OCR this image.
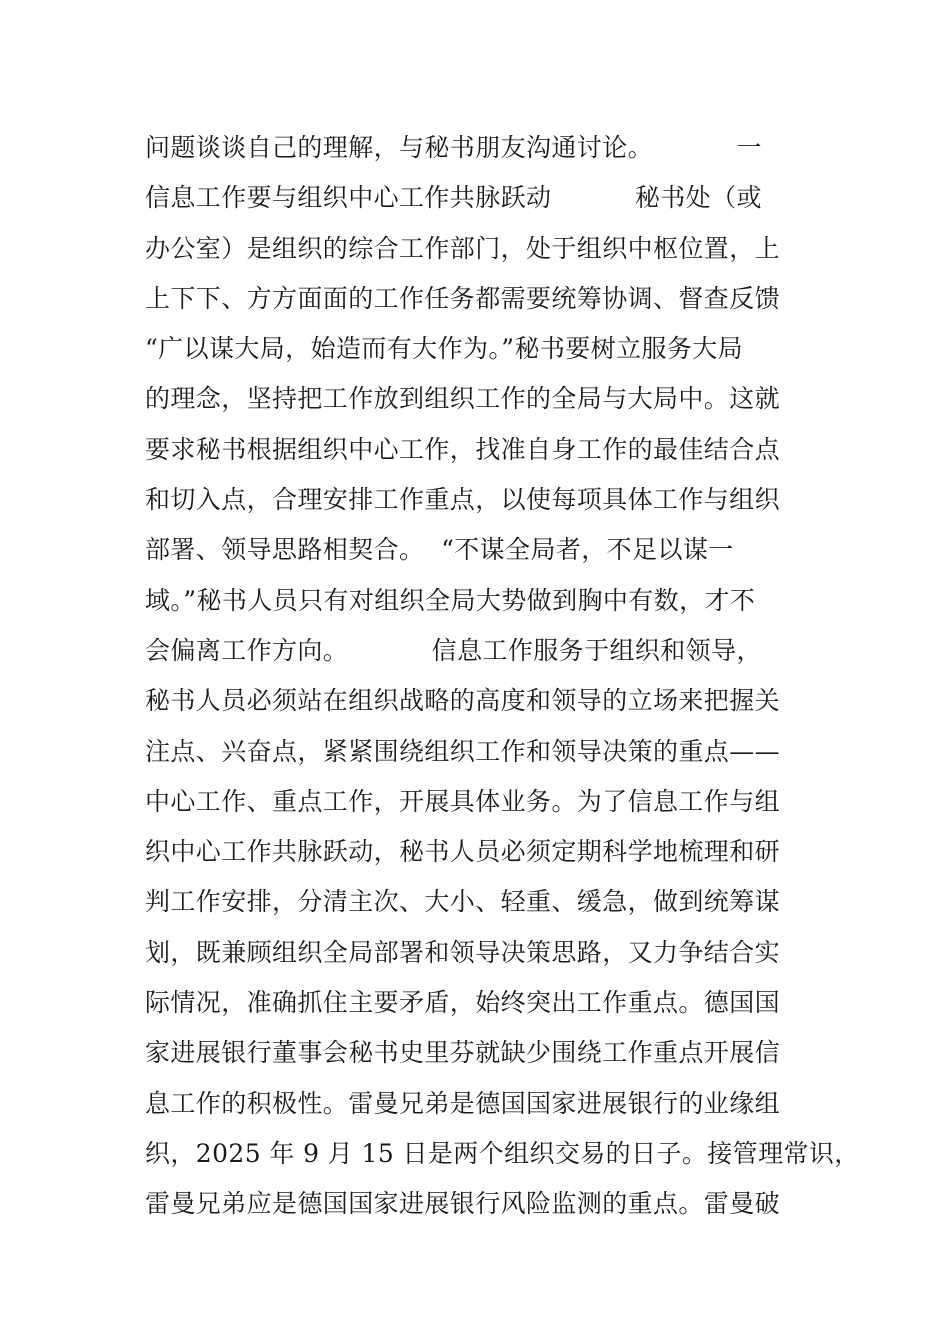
问题谈谈自己的理解，与秘书朋友沟通讨论。          一
信息工作要与组织中心工作共脉跃动          秘书处（或
办公室）是组织的综合工作部门，处于组织中枢位置，上
上下下、方方面面的工作任务都需要统筹协调、督查反馈
“广以谋大局，始造而有大作为。”秘书要树立服务大局
的理念，坚持把工作放到组织工作的全局与大局中。这就
要求秘书根据组织中心工作，找准自身工作的最佳结合点
和切入点，合理安排工作重点，以使每项具体工作与组织
部署、领导思路相契合。  “不谋全局者，不足以谋一
域。”秘书人员只有对组织全局大势做到胸中有数，才不
会偏离工作方向。          信息工作服务于组织和领导，
秘书人员必须站在组织战略的高度和领导的立场来把握关
注点、兴奋点，紧紧围绕组织工作和领导决策的重点——
中心工作、重点工作，开展具体业务。为了信息工作与组
织中心工作共脉跃动，秘书人员必须定期科学地梳理和研
判工作安排，分清主次、大小、轻重、缓急，做到统筹谋
划，既兼顾组织全局部署和领导决策思路，又力争结合实
际情况，准确抓住主要矛盾，始终突出工作重点。德国国
家进展银行董事会秘书史里芬就缺少围绕工作重点开展信
息工作的积极性。雷曼兄弟是德国国家进展银行的业缘组
织，2025 年 9 月 15 日是两个组织交易的日子。接管理常识，
雷曼兄弟应是德国国家进展银行风险监测的重点。雷曼破
